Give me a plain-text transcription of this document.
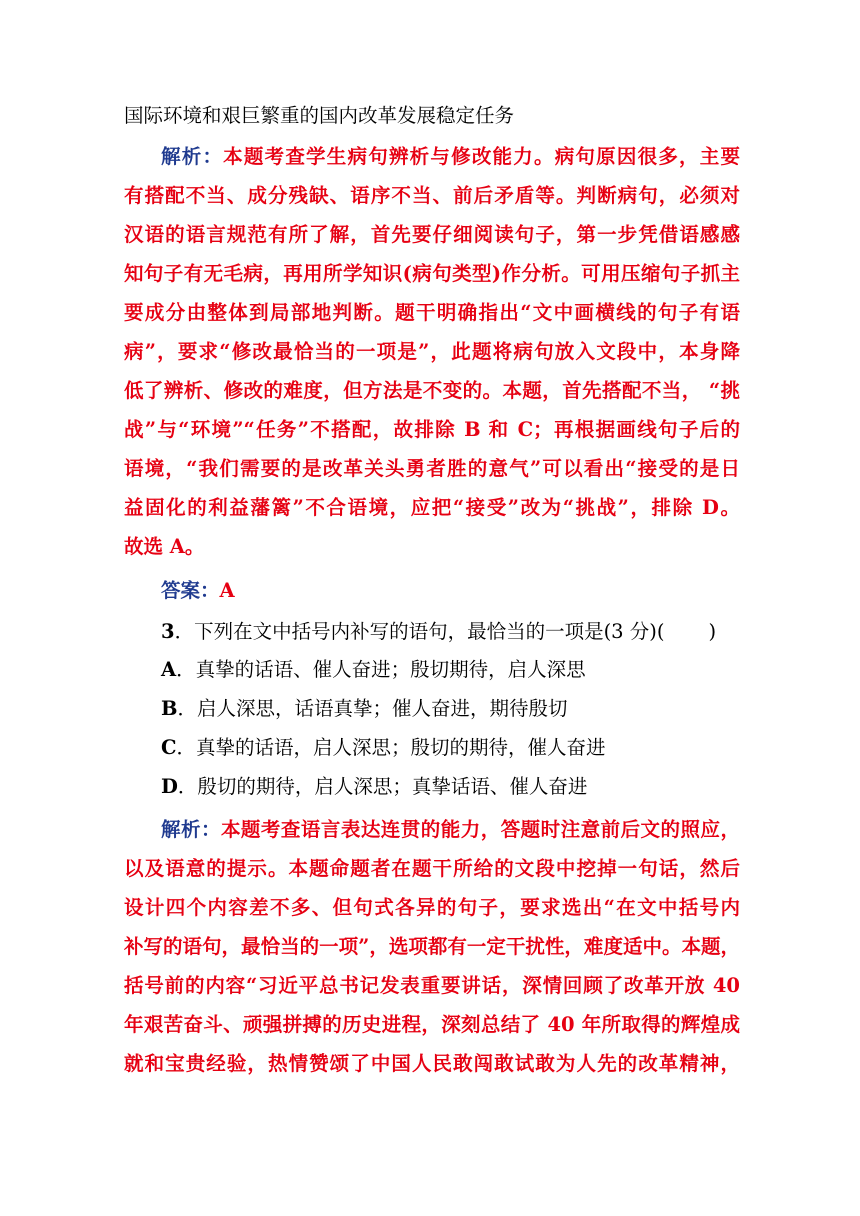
国际环境和艰巨繁重的国内改革发展稳定任务
解析：本题考查学生病句辨析与修改能力。病句原因很多，主要
有搭配不当、成分残缺、语序不当、前后矛盾等。判断病句，必须对
汉语的语言规范有所了解，首先要仔细阅读句子，第一步凭借语感感
知句子有无毛病，再用所学知识(病句类型)作分析。可用压缩句子抓主
要成分由整体到局部地判断。题干明确指出“文中画横线的句子有语
病”，要求“修改最恰当的一项是”，此题将病句放入文段中，本身降
低了辨析、修改的难度，但方法是不变的。本题，首先搭配不当， “挑
战”与“环境”“任务”不搭配，故排除 B 和 C；再根据画线句子后的
语境，“我们需要的是改革关头勇者胜的意气”可以看出“接受的是日
益固化的利益藩篱”不合语境，应把“接受”改为“挑战”，排除 D。
故选 A。
答案：A
3．下列在文中括号内补写的语句，最恰当的一项是(3 分)( )
A．真挚的话语、催人奋进；殷切期待，启人深思
B．启人深思，话语真挚；催人奋进，期待殷切
C．真挚的话语，启人深思；殷切的期待，催人奋进
D．殷切的期待，启人深思；真挚话语、催人奋进
解析：本题考查语言表达连贯的能力，答题时注意前后文的照应，
以及语意的提示。本题命题者在题干所给的文段中挖掉一句话，然后
设计四个内容差不多、但句式各异的句子，要求选出“在文中括号内
补写的语句，最恰当的一项”，选项都有一定干扰性，难度适中。本题，
括号前的内容“习近平总书记发表重要讲话，深情回顾了改革开放 40
年艰苦奋斗、顽强拼搏的历史进程，深刻总结了 40 年所取得的辉煌成
就和宝贵经验，热情赞颂了中国人民敢闯敢试敢为人先的改革精神，
